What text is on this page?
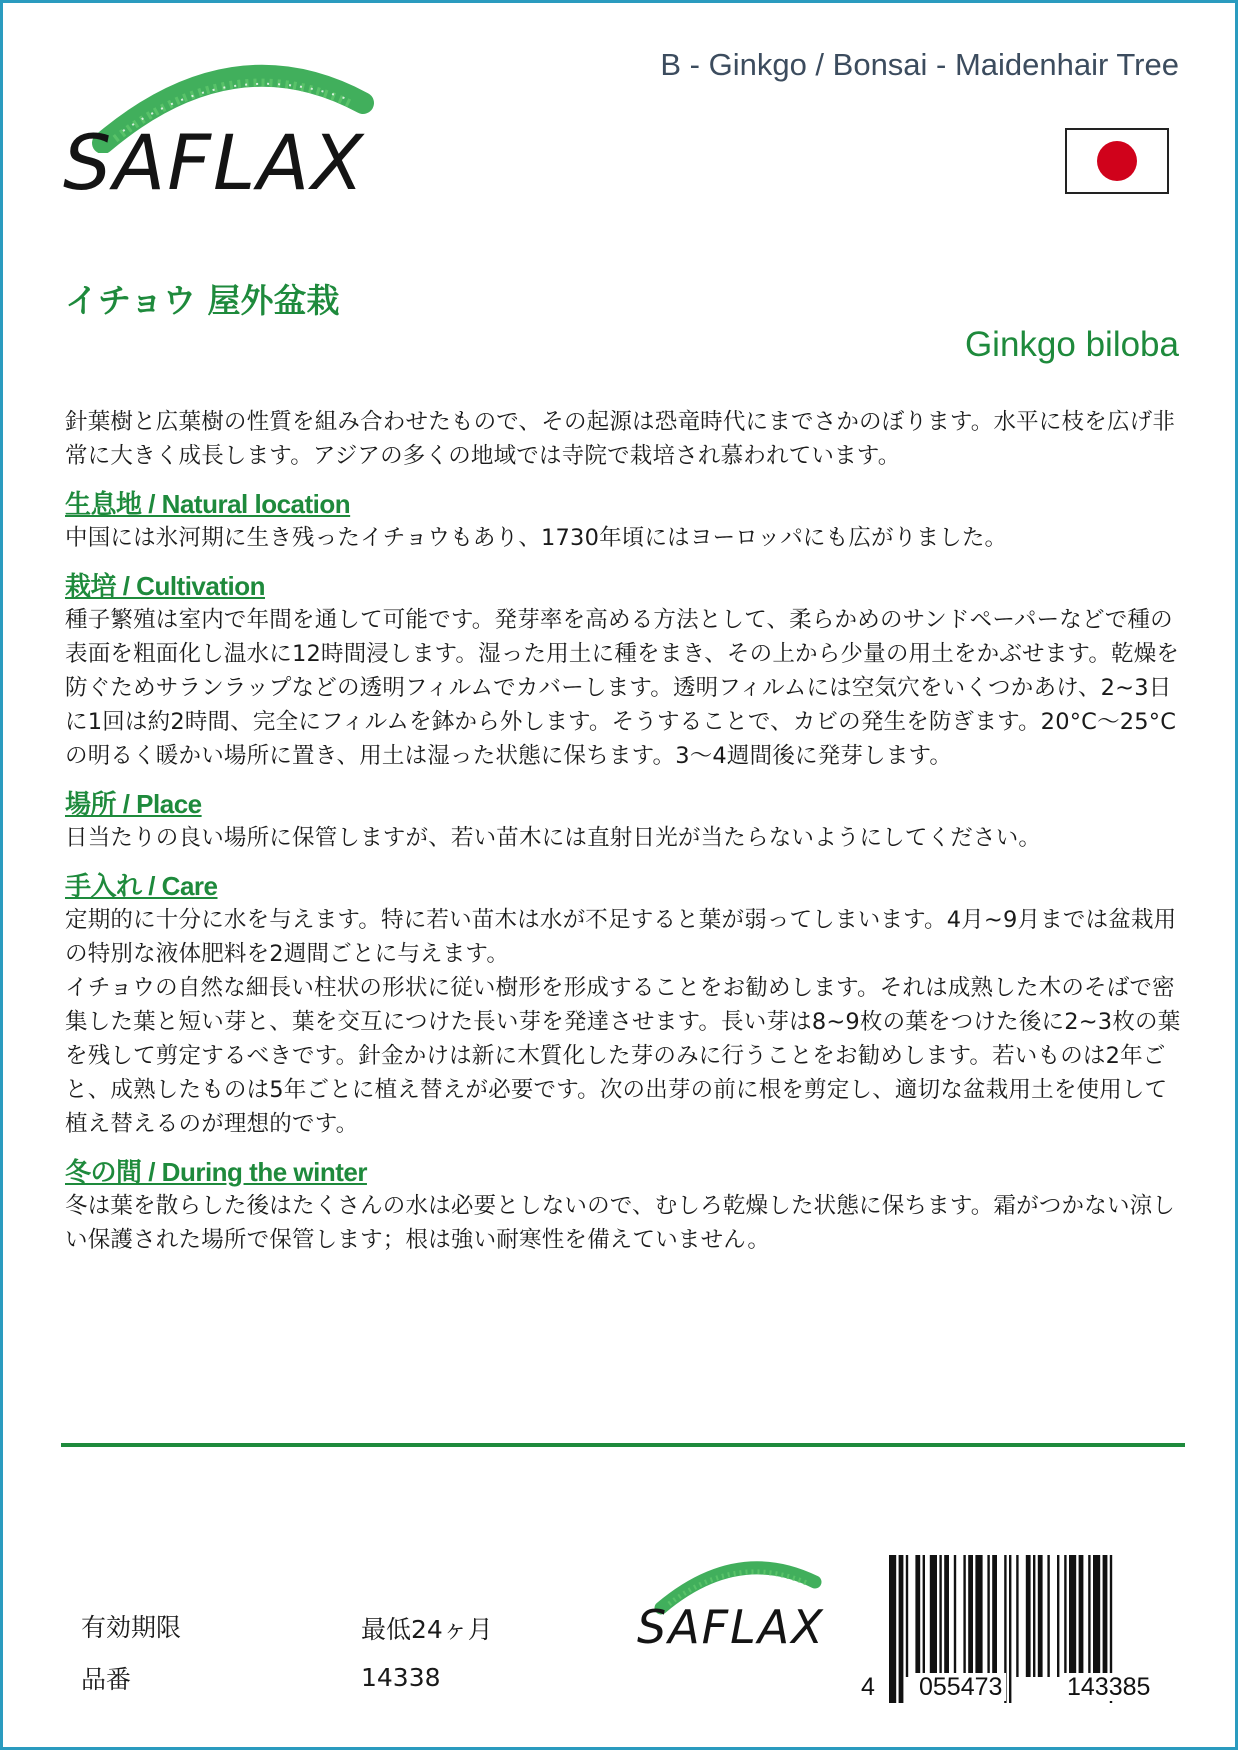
SAFLAX
B - Ginkgo / Bonsai - Maidenhair Tree
イチョウ 屋外盆栽
Ginkgo biloba

針葉樹と広葉樹の性質を組み合わせたもので、その起源は恐竜時代にまでさかのぼります。水平に枝を広げ非常に大きく成長します。アジアの多くの地域では寺院で栽培され慕われています。

生息地 / Natural location

中国には氷河期に生き残ったイチョウもあり、1730年頃にはヨーロッパにも広がりました。

栽培 / Cultivation

種子繁殖は室内で年間を通して可能です。発芽率を高める方法として、柔らかめのサンドペーパーなどで種の表面を粗面化し温水に12時間浸します。湿った用土に種をまき、その上から少量の用土をかぶせます。乾燥を防ぐためサランラップなどの透明フィルムでカバーします。透明フィルムには空気穴をいくつかあけ、2~3日に1回は約2時間、完全にフィルムを鉢から外します。そうすることで、カビの発生を防ぎます。20°C〜25°Cの明るく暖かい場所に置き、用土は湿った状態に保ちます。3〜4週間後に発芽します。

場所 / Place

日当たりの良い場所に保管しますが、若い苗木には直射日光が当たらないようにしてください。

手入れ / Care

定期的に十分に水を与えます。特に若い苗木は水が不足すると葉が弱ってしまいます。4月~9月までは盆栽用の特別な液体肥料を2週間ごとに与えます。

イチョウの自然な細長い柱状の形状に従い樹形を形成することをお勧めします。それは成熟した木のそばで密集した葉と短い芽と、葉を交互につけた長い芽を発達させます。長い芽は8~9枚の葉をつけた後に2~3枚の葉を残して剪定するべきです。針金かけは新に木質化した芽のみに行うことをお勧めします。若いものは2年ごと、成熟したものは5年ごとに植え替えが必要です。次の出芽の前に根を剪定し、適切な盆栽用土を使用して植え替えるのが理想的です。

冬の間 / During the winter

冬は葉を散らした後はたくさんの水は必要としないので、むしろ乾燥した状態に保ちます。霜がつかない涼しい保護された場所で保管します；根は強い耐寒性を備えていません。

有効期限	最低24ヶ月
品番	14338
SAFLAX
4 055473	143385
